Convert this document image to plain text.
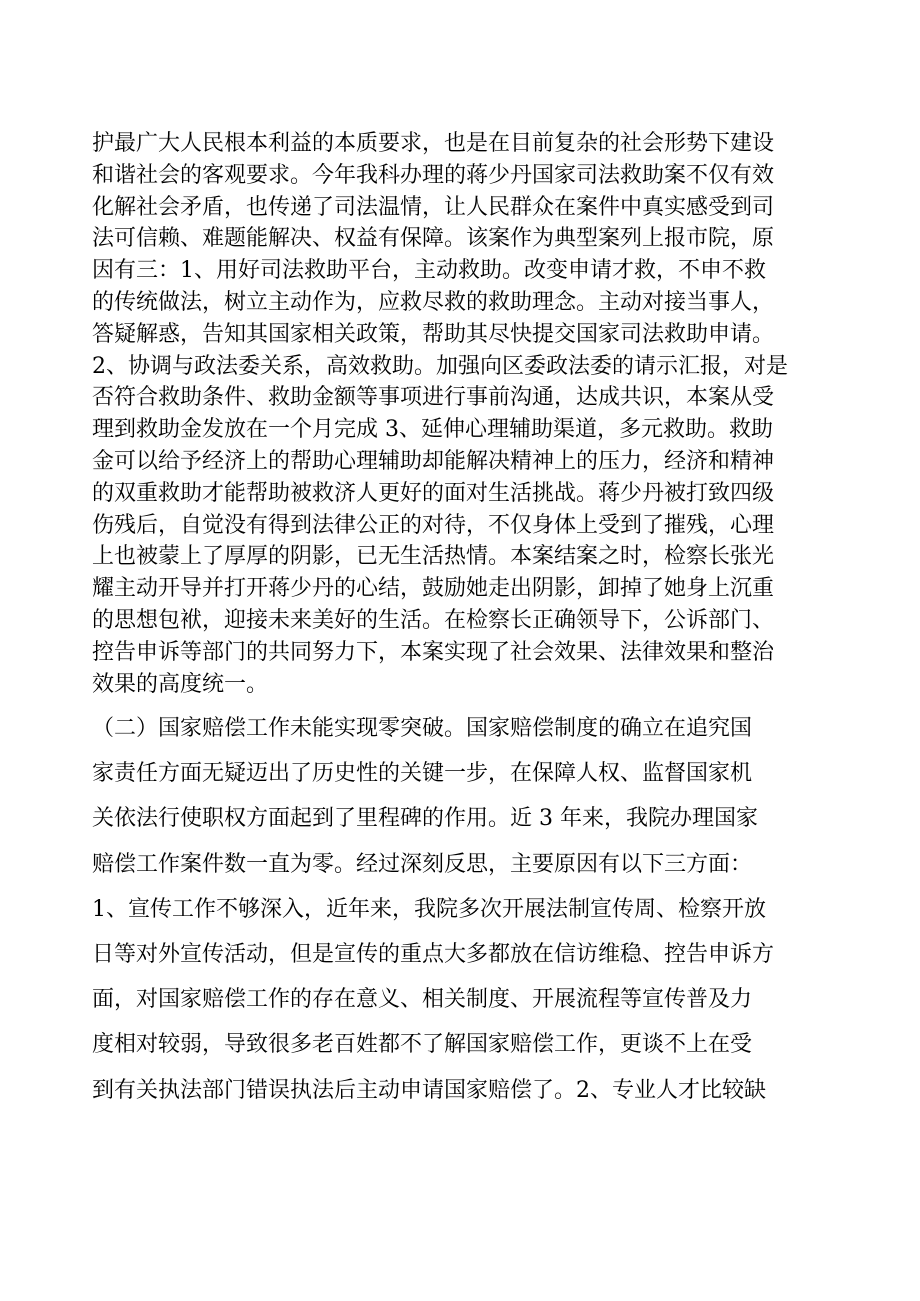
护最广大人民根本利益的本质要求，也是在目前复杂的社会形势下建设
和谐社会的客观要求。今年我科办理的蒋少丹国家司法救助案不仅有效
化解社会矛盾，也传递了司法温情，让人民群众在案件中真实感受到司
法可信赖、难题能解决、权益有保障。该案作为典型案列上报市院，原
因有三：1、用好司法救助平台，主动救助。改变申请才救，不申不救
的传统做法，树立主动作为，应救尽救的救助理念。主动对接当事人，
答疑解惑，告知其国家相关政策，帮助其尽快提交国家司法救助申请。
2、协调与政法委关系，高效救助。加强向区委政法委的请示汇报，对是
否符合救助条件、救助金额等事项进行事前沟通，达成共识，本案从受
理到救助金发放在一个月完成 3、延伸心理辅助渠道，多元救助。救助
金可以给予经济上的帮助心理辅助却能解决精神上的压力，经济和精神
的双重救助才能帮助被救济人更好的面对生活挑战。蒋少丹被打致四级
伤残后，自觉没有得到法律公正的对待，不仅身体上受到了摧残，心理
上也被蒙上了厚厚的阴影，已无生活热情。本案结案之时，检察长张光
耀主动开导并打开蒋少丹的心结，鼓励她走出阴影，卸掉了她身上沉重
的思想包袱，迎接未来美好的生活。在检察长正确领导下，公诉部门、
控告申诉等部门的共同努力下，本案实现了社会效果、法律效果和整治
效果的高度统一。
（二）国家赔偿工作未能实现零突破。国家赔偿制度的确立在追究国
家责任方面无疑迈出了历史性的关键一步，在保障人权、监督国家机
关依法行使职权方面起到了里程碑的作用。近 3 年来，我院办理国家
赔偿工作案件数一直为零。经过深刻反思，主要原因有以下三方面：
1、宣传工作不够深入，近年来，我院多次开展法制宣传周、检察开放
日等对外宣传活动，但是宣传的重点大多都放在信访维稳、控告申诉方
面，对国家赔偿工作的存在意义、相关制度、开展流程等宣传普及力
度相对较弱，导致很多老百姓都不了解国家赔偿工作，更谈不上在受
到有关执法部门错误执法后主动申请国家赔偿了。2、专业人才比较缺
